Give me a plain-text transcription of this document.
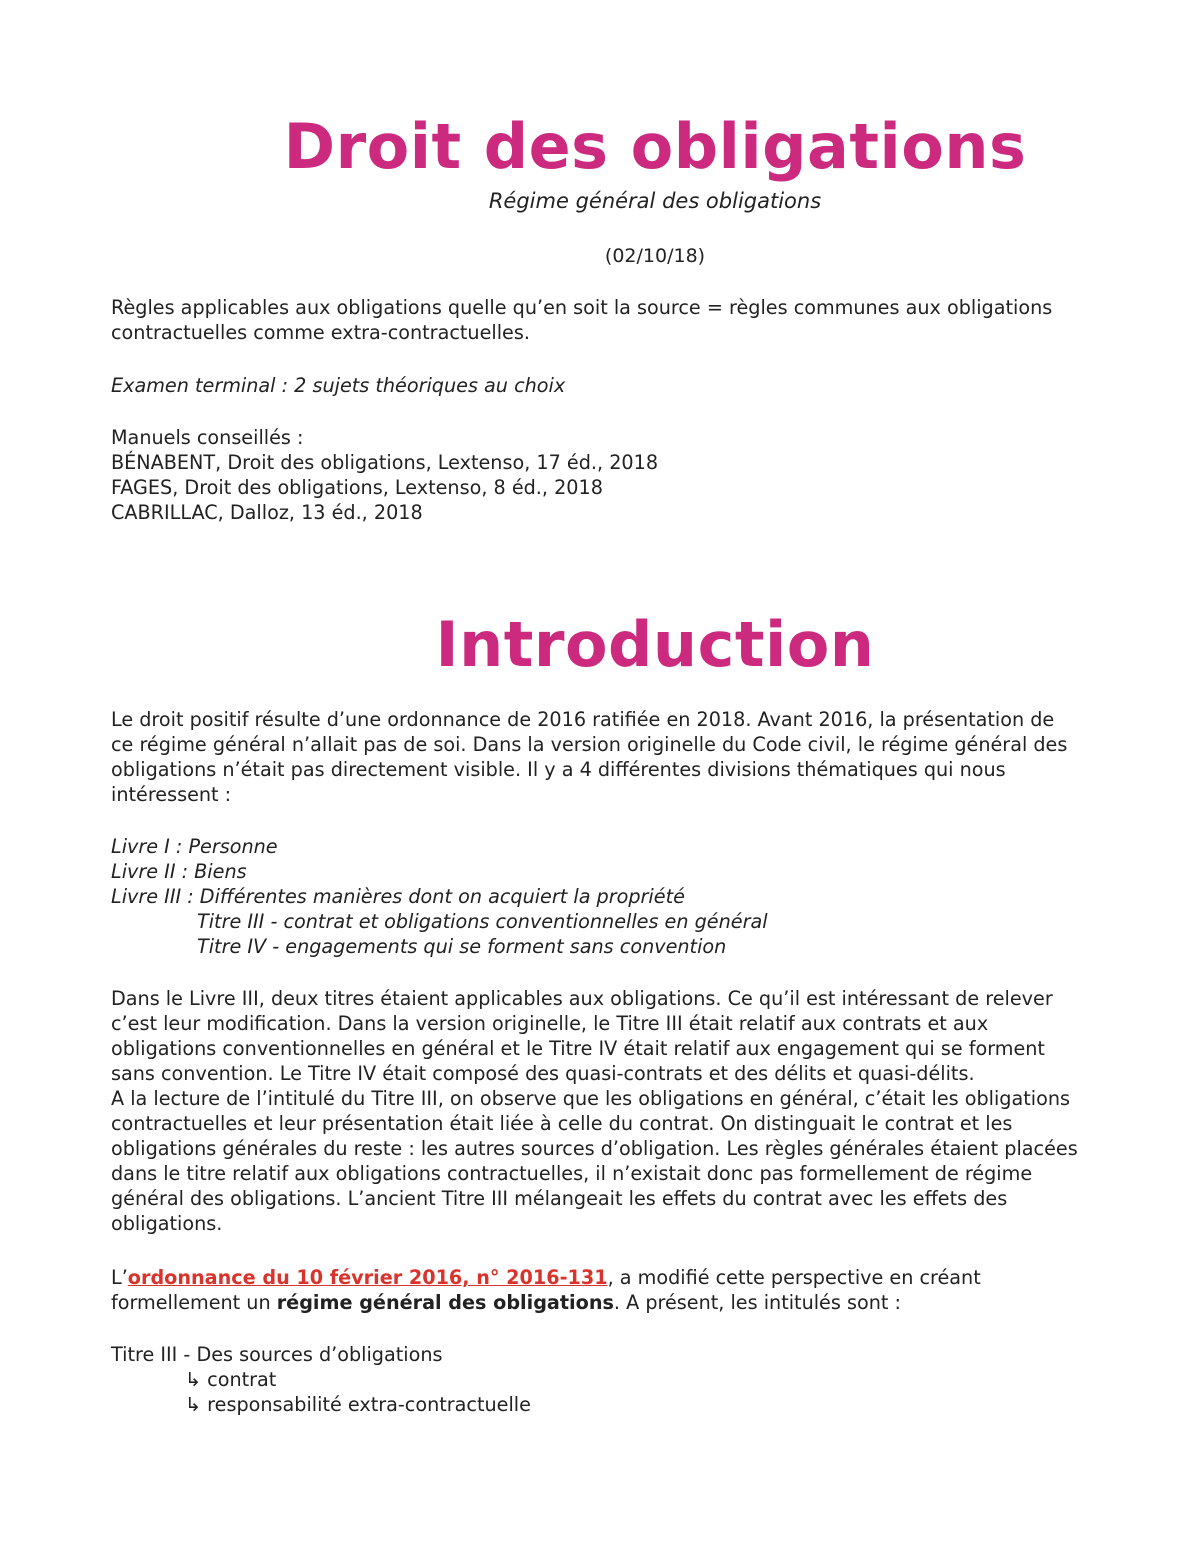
Droit des obligations

Régime général des obligations

(02/10/18)

Règles applicables aux obligations quelle qu’en soit la source = règles communes aux obligations
contractuelles comme extra-contractuelles.
Examen terminal : 2 sujets théoriques au choix
Manuels conseillés :
BÉNABENT, Droit des obligations, Lextenso, 17 éd., 2018
FAGES, Droit des obligations, Lextenso, 8 éd., 2018
CABRILLAC, Dalloz, 13 éd., 2018
Introduction
Le droit positif résulte d’une ordonnance de 2016 ratifiée en 2018. Avant 2016, la présentation de
ce régime général n’allait pas de soi. Dans la version originelle du Code civil, le régime général des
obligations n’était pas directement visible. Il y a 4 différentes divisions thématiques qui nous
intéressent :
Livre I : Personne
Livre II : Biens
Livre III : Différentes manières dont on acquiert la propriété
Titre III - contrat et obligations conventionnelles en général
Titre IV - engagements qui se forment sans convention
Dans le Livre III, deux titres étaient applicables aux obligations. Ce qu’il est intéressant de relever
c’est leur modification. Dans la version originelle, le Titre III était relatif aux contrats et aux
obligations conventionnelles en général et le Titre IV était relatif aux engagement qui se forment
sans convention. Le Titre IV était composé des quasi-contrats et des délits et quasi-délits.
A la lecture de l’intitulé du Titre III, on observe que les obligations en général, c’était les obligations
contractuelles et leur présentation était liée à celle du contrat. On distinguait le contrat et les
obligations générales du reste : les autres sources d’obligation. Les règles générales étaient placées
dans le titre relatif aux obligations contractuelles, il n’existait donc pas formellement de régime
général des obligations. L’ancient Titre III mélangeait les effets du contrat avec les effets des
obligations.
L’ordonnance du 10 février 2016, n° 2016-131, a modifié cette perspective en créant
formellement un régime général des obligations. A présent, les intitulés sont :
Titre III - Des sources d’obligations
↳ contrat
↳ responsabilité extra-contractuelle
